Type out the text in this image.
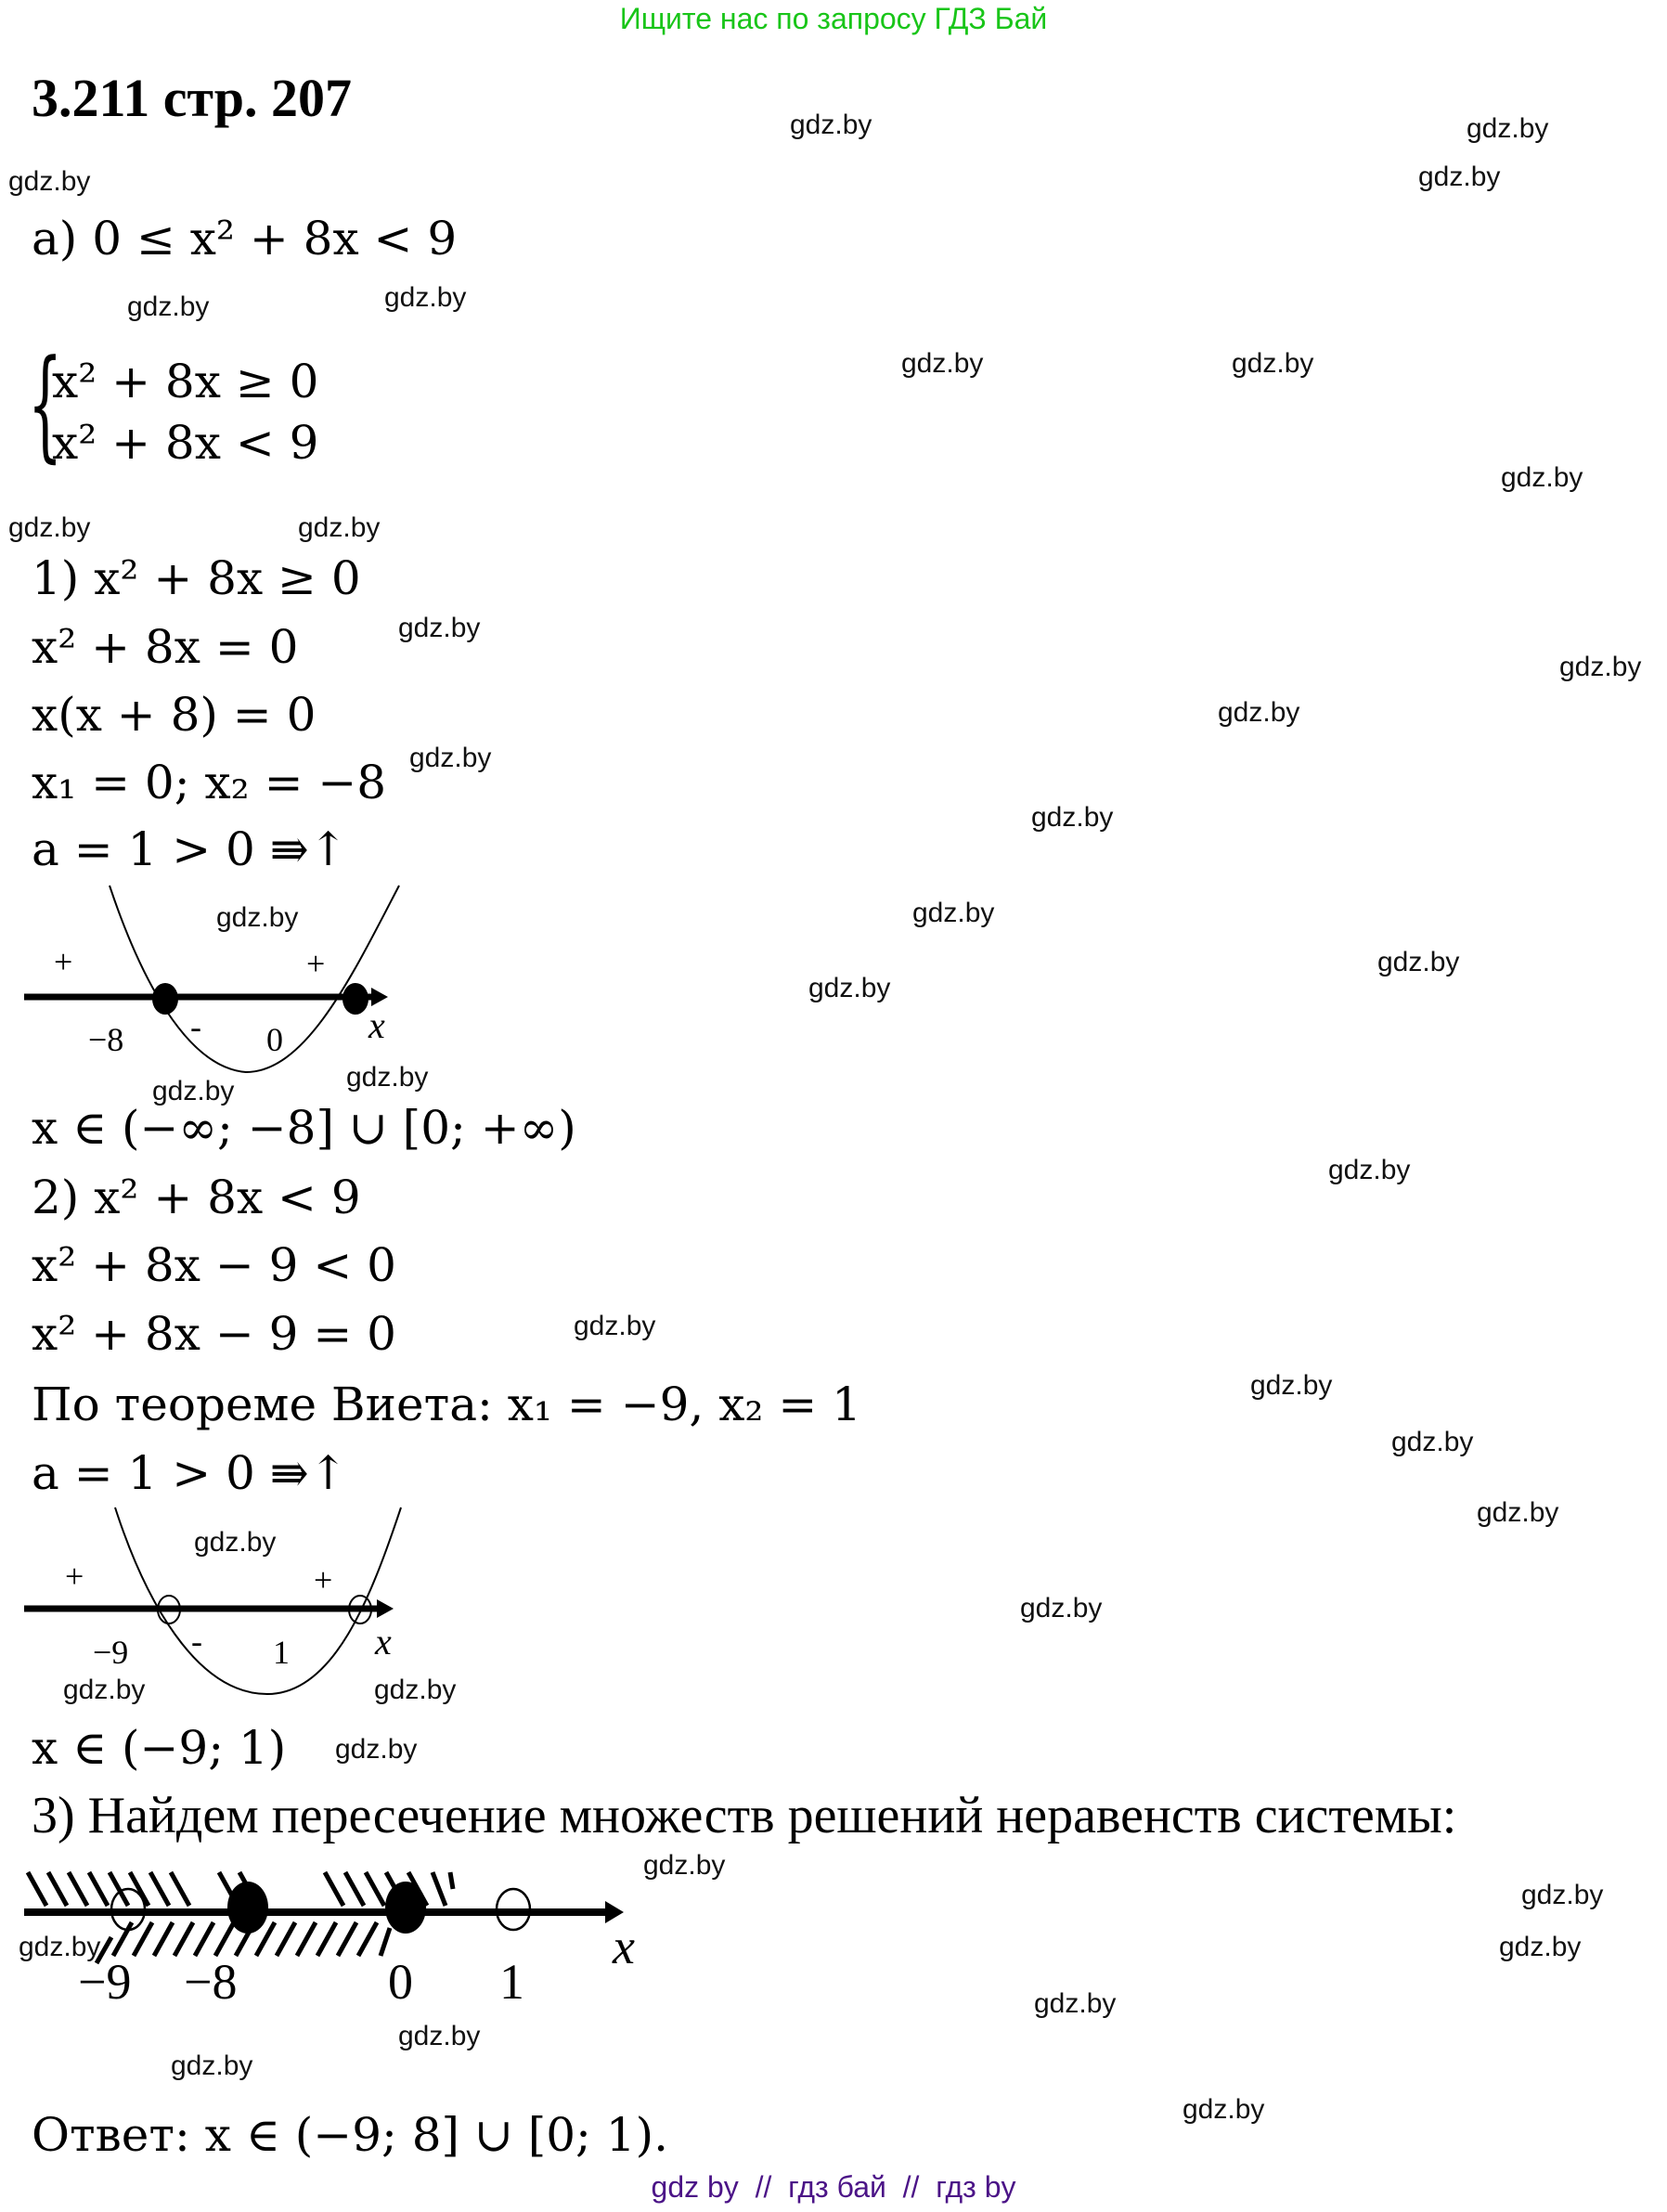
Ищите нас по запросу ГДЗ Бай
3.211 стр. 207
а) 0 ≤ x² + 8x < 9
{
x² + 8x ≥ 0
x² + 8x < 9
1) x² + 8x ≥ 0
x² + 8x = 0
x(x + 8) = 0
x₁ = 0; x₂ = −8
a = 1 > 0 ⇛↑
+
-
+
−8	0 x
x ∈ (−∞; −8] ∪ [0; +∞)
2) x² + 8x < 9
x² + 8x − 9 < 0
x² + 8x − 9 = 0
По теореме Виета: x₁ = −9, x₂ = 1
a = 1 > 0 ⇛↑
+
-
+
−9	1 x
x ∈ (−9; 1)
3) Найдем пересечение множеств решений неравенств системы:
−9 −8	0 1
x
Ответ: x ∈ (−9; 8] ∪ [0; 1).
gdz.by	gdz.by
gdz.by
gdz.by
gdz.by	gdz.by
gdz.by	gdz.by
gdz.by
gdz.by	gdz.by
gdz.by
gdz.by
gdz.by
gdz.by
gdz.by
gdz.by	gdz.by
gdz.by
gdz.by
gdz.by	gdz.by
gdz.by
gdz.by
gdz.by
gdz.by
gdz.by
gdz.by
gdz.by
gdz.by	gdz.by
gdz.by
gdz.by
gdz.by
gdz.by	gdz.by
gdz.by
gdz.by
gdz.by
gdz.by
gdz by  //  гдз бай  //  гдз by
